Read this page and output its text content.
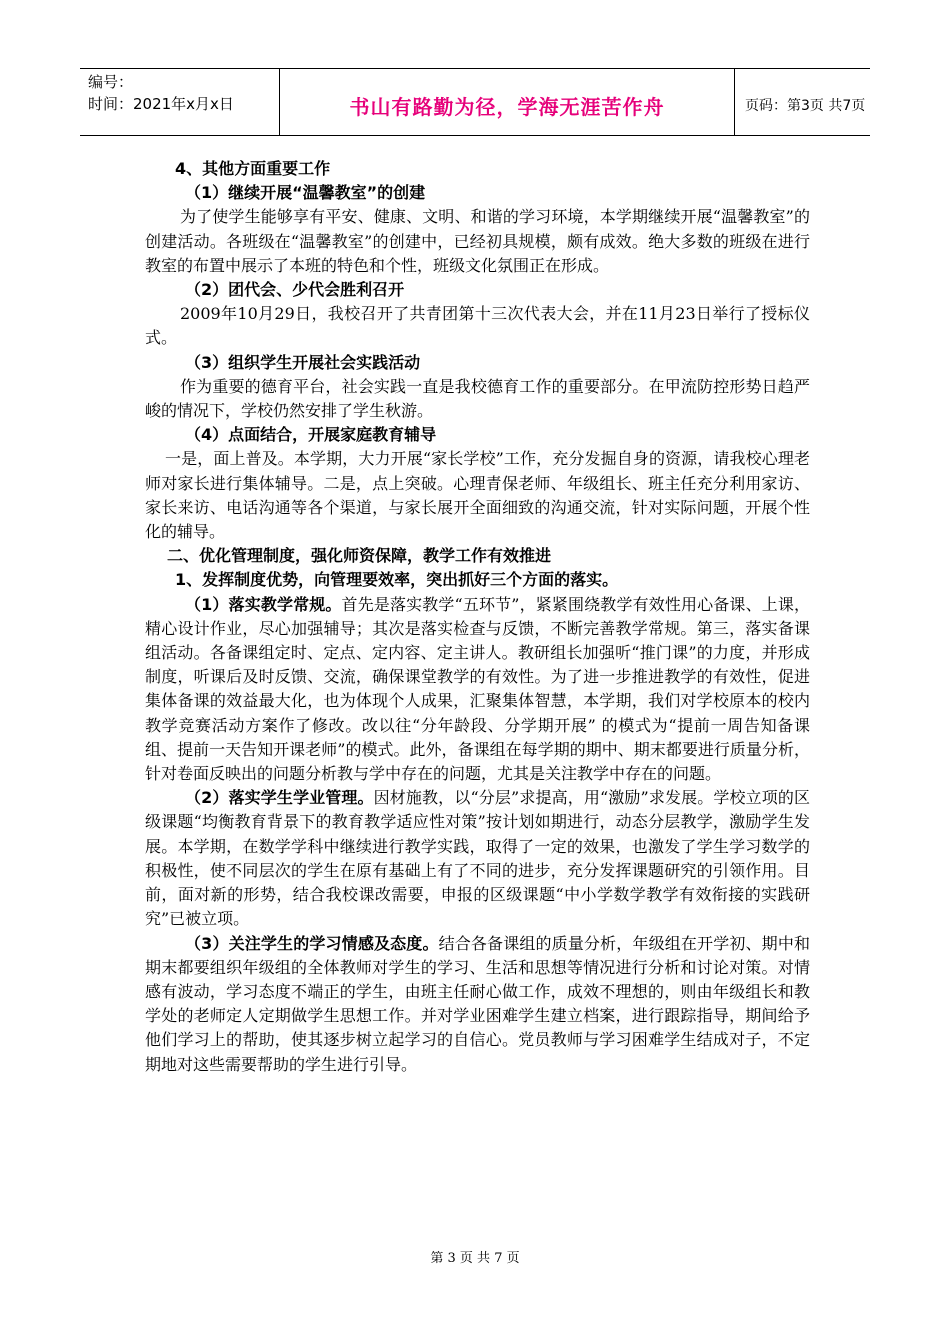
编号：
时间：2021年x月x日	书山有路勤为径，学海无涯苦作舟	页码：第3页 共7页

4、其他方面重要工作

（1）继续开展“温馨教室”的创建

为了使学生能够享有平安、健康、文明、和谐的学习环境，本学期继续开展“温馨教室”的创建活动。各班级在“温馨教室”的创建中，已经初具规模，颇有成效。绝大多数的班级在进行教室的布置中展示了本班的特色和个性，班级文化氛围正在形成。

（2）团代会、少代会胜利召开

2009年10月29日，我校召开了共青团第十三次代表大会，并在11月23日举行了授标仪式。

（3）组织学生开展社会实践活动

作为重要的德育平台，社会实践一直是我校德育工作的重要部分。在甲流防控形势日趋严峻的情况下，学校仍然安排了学生秋游。

（4）点面结合，开展家庭教育辅导

一是，面上普及。本学期，大力开展“家长学校”工作，充分发掘自身的资源，请我校心理老师对家长进行集体辅导。二是，点上突破。心理青保老师、年级组长、班主任充分利用家访、家长来访、电话沟通等各个渠道，与家长展开全面细致的沟通交流，针对实际问题，开展个性化的辅导。

二、优化管理制度，强化师资保障，教学工作有效推进

1、发挥制度优势，向管理要效率，突出抓好三个方面的落实。

（1）落实教学常规。首先是落实教学“五环节”，紧紧围绕教学有效性用心备课、上课，精心设计作业，尽心加强辅导；其次是落实检查与反馈，不断完善教学常规。第三，落实备课组活动。各备课组定时、定点、定内容、定主讲人。教研组长加强听“推门课”的力度，并形成制度，听课后及时反馈、交流，确保课堂教学的有效性。为了进一步推进教学的有效性，促进集体备课的效益最大化，也为体现个人成果，汇聚集体智慧，本学期，我们对学校原本的校内教学竞赛活动方案作了修改。改以往“分年龄段、分学期开展” 的模式为“提前一周告知备课组、提前一天告知开课老师”的模式。此外，备课组在每学期的期中、期末都要进行质量分析，针对卷面反映出的问题分析教与学中存在的问题，尤其是关注教学中存在的问题。

（2）落实学生学业管理。因材施教，以“分层”求提高，用“激励”求发展。学校立项的区级课题“均衡教育背景下的教育教学适应性对策”按计划如期进行，动态分层教学，激励学生发展。本学期，在数学学科中继续进行教学实践，取得了一定的效果，也激发了学生学习数学的积极性，使不同层次的学生在原有基础上有了不同的进步，充分发挥课题研究的引领作用。目前，面对新的形势，结合我校课改需要，申报的区级课题“中小学数学教学有效衔接的实践研究”已被立项。

（3）关注学生的学习情感及态度。结合各备课组的质量分析，年级组在开学初、期中和期末都要组织年级组的全体教师对学生的学习、生活和思想等情况进行分析和讨论对策。对情感有波动，学习态度不端正的学生，由班主任耐心做工作，成效不理想的，则由年级组长和教学处的老师定人定期做学生思想工作。并对学业困难学生建立档案，进行跟踪指导，期间给予他们学习上的帮助，使其逐步树立起学习的自信心。党员教师与学习困难学生结成对子，不定期地对这些需要帮助的学生进行引导。

第 3 页 共 7 页
